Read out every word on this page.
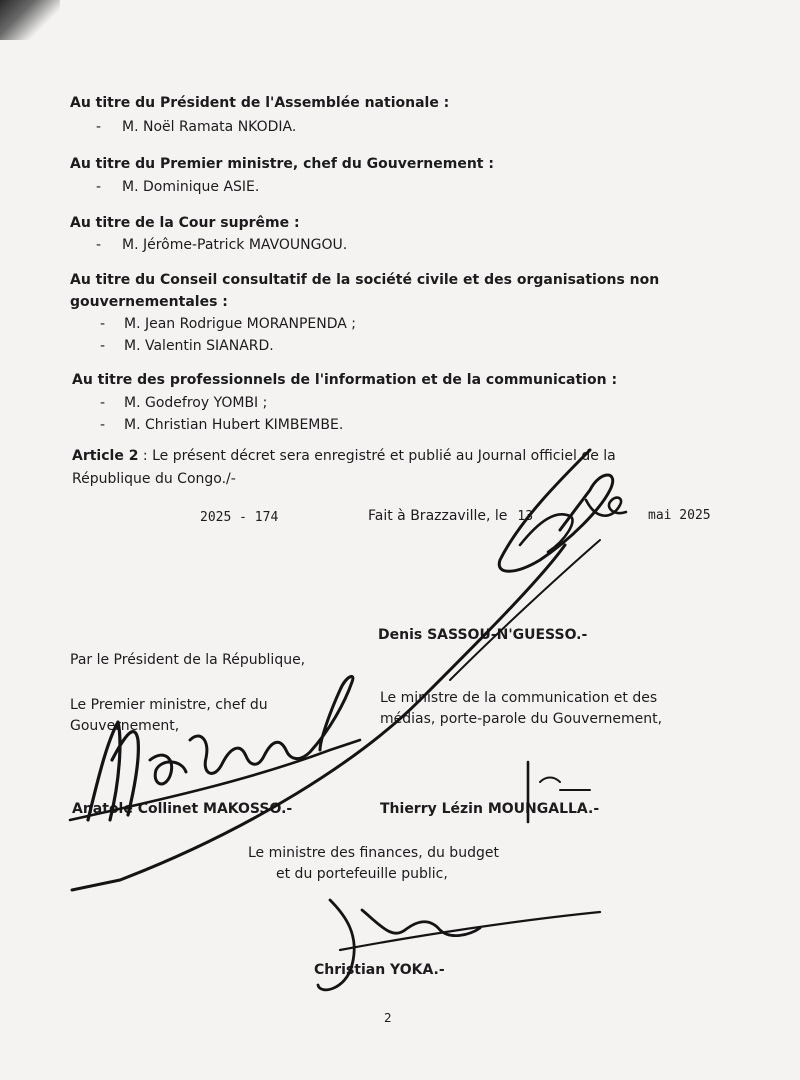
Au titre du Président de l'Assemblée nationale :
- M. Noël Ramata NKODIA.
Au titre du Premier ministre, chef du Gouvernement :
- M. Dominique ASIE.
Au titre de la Cour suprême :
- M. Jérôme-Patrick MAVOUNGOU.
Au titre du Conseil consultatif de la société civile et des organisations non
gouvernementales :
- M. Jean Rodrigue MORANPENDA ;
- M. Valentin SIANARD.
Au titre des professionnels de l'information et de la communication :
- M. Godefroy YOMBI ;
- M. Christian Hubert KIMBEMBE.
Article 2 : Le présent décret sera enregistré et publié au Journal officiel de la
République du Congo./-
2025 - 174	Fait à Brazzaville, le 13	mai 2025
Denis SASSOU-N'GUESSO.-
Par le Président de la République,
Le Premier ministre, chef du
Gouvernement,
Anatole Collinet MAKOSSO.-
Le ministre de la communication et des
médias, porte-parole du Gouvernement,
Thierry Lézin MOUNGALLA.-
Le ministre des finances, du budget
et du portefeuille public,
Christian YOKA.-
2
